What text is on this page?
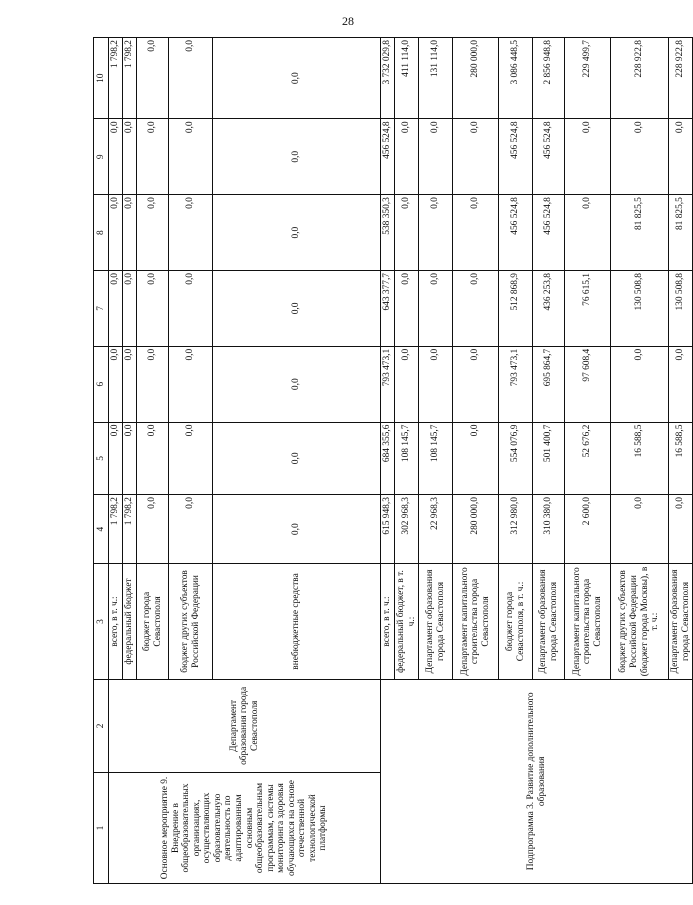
28
1	2	3	4	5	6	7	8	9	10
Основное мероприятие 9. Внедрение в общеобразовательных организациях, осуществляющих образовательную деятельность по адаптированным основным общеобразовательным программам, системы мониторинга здоровья обучающихся на основе отечественной технологической платформы	Департамент образования города Севастополя	всего, в т. ч.:	1 798,2	0,0	0,0	0,0	0,0	0,0	1 798,2
		федеральный бюджет	1 798,2	0,0	0,0	0,0	0,0	0,0	1 798,2
		бюджет города Севастополя	0,0	0,0	0,0	0,0	0,0	0,0	0,0
		бюджет других субъектов Российской Федерации	0,0	0,0	0,0	0,0	0,0	0,0	0,0
		внебюджетные средства	0,0	0,0	0,0	0,0	0,0	0,0	0,0
Подпрограмма 3. Развитие дополнительного образования		всего, в т. ч.:	615 948,3	684 355,6	793 473,1	643 377,7	538 350,3	456 524,8	3 732 029,8
		федеральный бюджет, в т. ч.:	302 968,3	108 145,7	0,0	0,0	0,0	0,0	411 114,0
		Департамент образования города Севастополя	22 968,3	108 145,7	0,0	0,0	0,0	0,0	131 114,0
		Департамент капитального строительства города Севастополя	280 000,0	0,0	0,0	0,0	0,0	0,0	280 000,0
		бюджет города Севастополя, в т. ч.:	312 980,0	554 076,9	793 473,1	512 868,9	456 524,8	456 524,8	3 086 448,5
		Департамент образования города Севастополя	310 380,0	501 400,7	695 864,7	436 253,8	456 524,8	456 524,8	2 856 948,8
		Департамент капитального строительства города Севастополя	2 600,0	52 676,2	97 608,4	76 615,1	0,0	0,0	229 499,7
		бюджет других субъектов Российской Федерации (бюджет города Москвы), в т. ч.:	0,0	16 588,5	0,0	130 508,8	81 825,5	0,0	228 922,8
		Департамент образования города Севастополя	0,0	16 588,5	0,0	130 508,8	81 825,5	0,0	228 922,8
